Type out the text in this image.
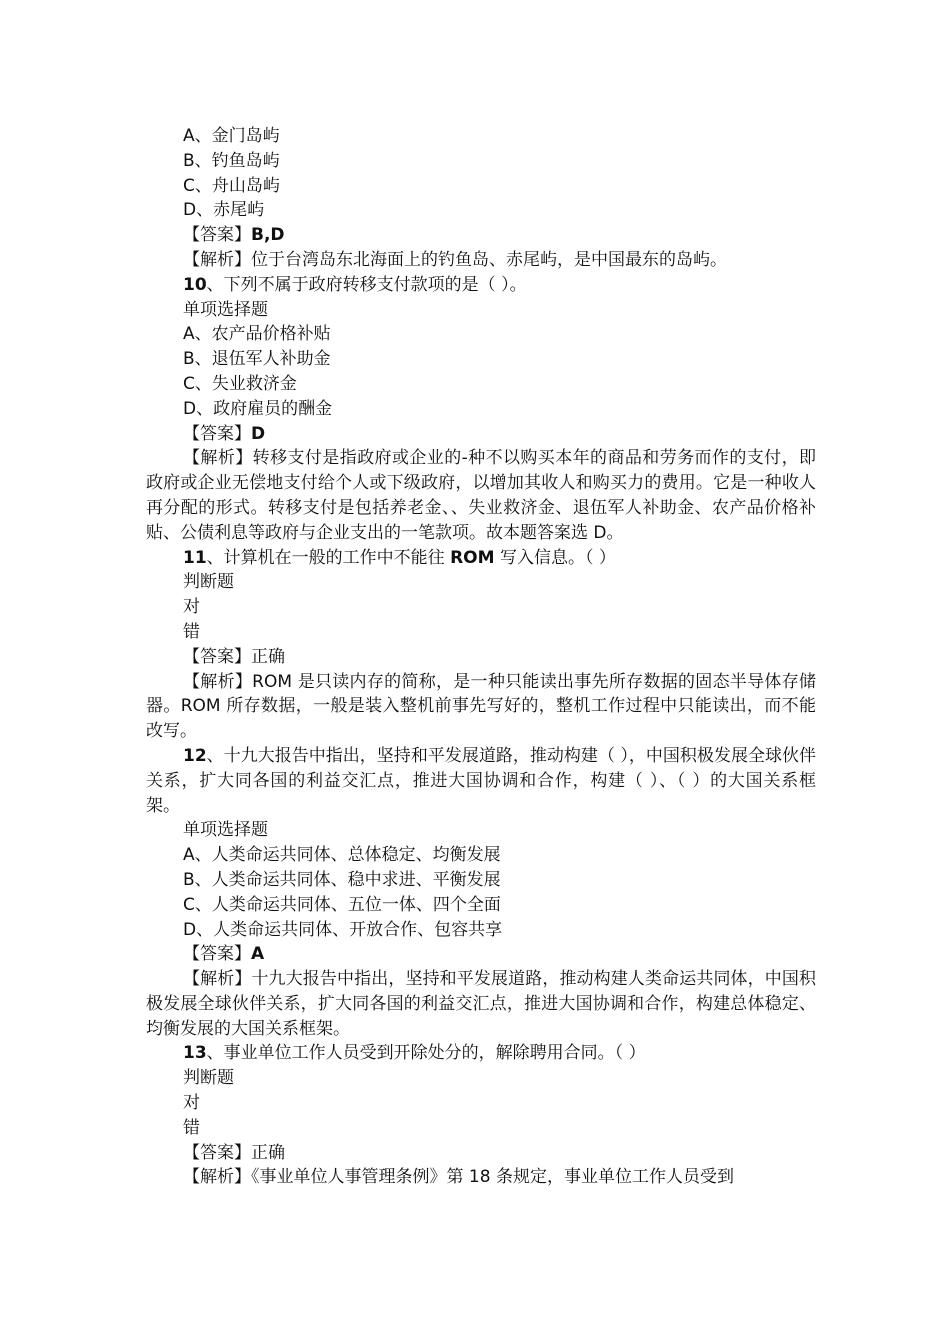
A、金门岛屿
B、钓鱼岛屿
C、舟山岛屿
D、赤尾屿
【答案】B,D
【解析】位于台湾岛东北海面上的钓鱼岛、赤尾屿，是中国最东的岛屿。
10、下列不属于政府转移支付款项的是（ ）。
单项选择题
A、农产品价格补贴
B、退伍军人补助金
C、失业救济金
D、政府雇员的酬金
【答案】D
【解析】转移支付是指政府或企业的-种不以购买本年的商品和劳务而作的支付，即政府或企业无偿地支付给个人或下级政府，以增加其收人和购买力的费用。它是一种收人再分配的形式。转移支付是包括养老金、、失业救济金、退伍军人补助金、农产品价格补贴、公债利息等政府与企业支出的一笔款项。故本题答案选 D。
11、计算机在一般的工作中不能往 ROM 写入信息。（ ）
判断题
对
错
【答案】正确
【解析】ROM 是只读内存的简称，是一种只能读出事先所存数据的固态半导体存储器。ROM 所存数据，一般是装入整机前事先写好的，整机工作过程中只能读出，而不能改写。
12、十九大报告中指出，坚持和平发展道路，推动构建（ ），中国积极发展全球伙伴关系，扩大同各国的利益交汇点，推进大国协调和合作，构建（ ）、（ ）的大国关系框架。
单项选择题
A、人类命运共同体、总体稳定、均衡发展
B、人类命运共同体、稳中求进、平衡发展
C、人类命运共同体、五位一体、四个全面
D、人类命运共同体、开放合作、包容共享
【答案】A
【解析】十九大报告中指出，坚持和平发展道路，推动构建人类命运共同体，中国积极发展全球伙伴关系，扩大同各国的利益交汇点，推进大国协调和合作，构建总体稳定、均衡发展的大国关系框架。
13、事业单位工作人员受到开除处分的，解除聘用合同。（ ）
判断题
对
错
【答案】正确
【解析】《事业单位人事管理条例》第 18 条规定，事业单位工作人员受到
